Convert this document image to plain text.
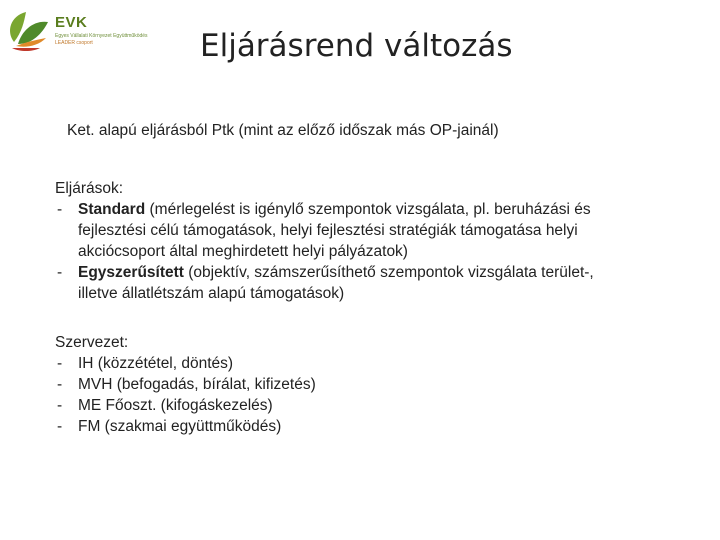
EVK
Egyes Vállalati Környezet Együttműködés
LEADER csoport	Eljárásrend változás
Ket. alapú eljárásból Ptk (mint az előző időszak más OP-jainál)
Eljárások:
- Standard (mérlegelést is igénylő szempontok vizsgálata, pl. beruházási és
fejlesztési célú támogatások, helyi fejlesztési stratégiák támogatása helyi
akciócsoport által meghirdetett helyi pályázatok)
- Egyszerűsített (objektív, számszerűsíthető szempontok vizsgálata terület-,
illetve állatlétszám alapú támogatások)
Szervezet:
- IH (közzététel, döntés)
- MVH (befogadás, bírálat, kifizetés)
- ME Főoszt. (kifogáskezelés)
- FM (szakmai együttműködés)
